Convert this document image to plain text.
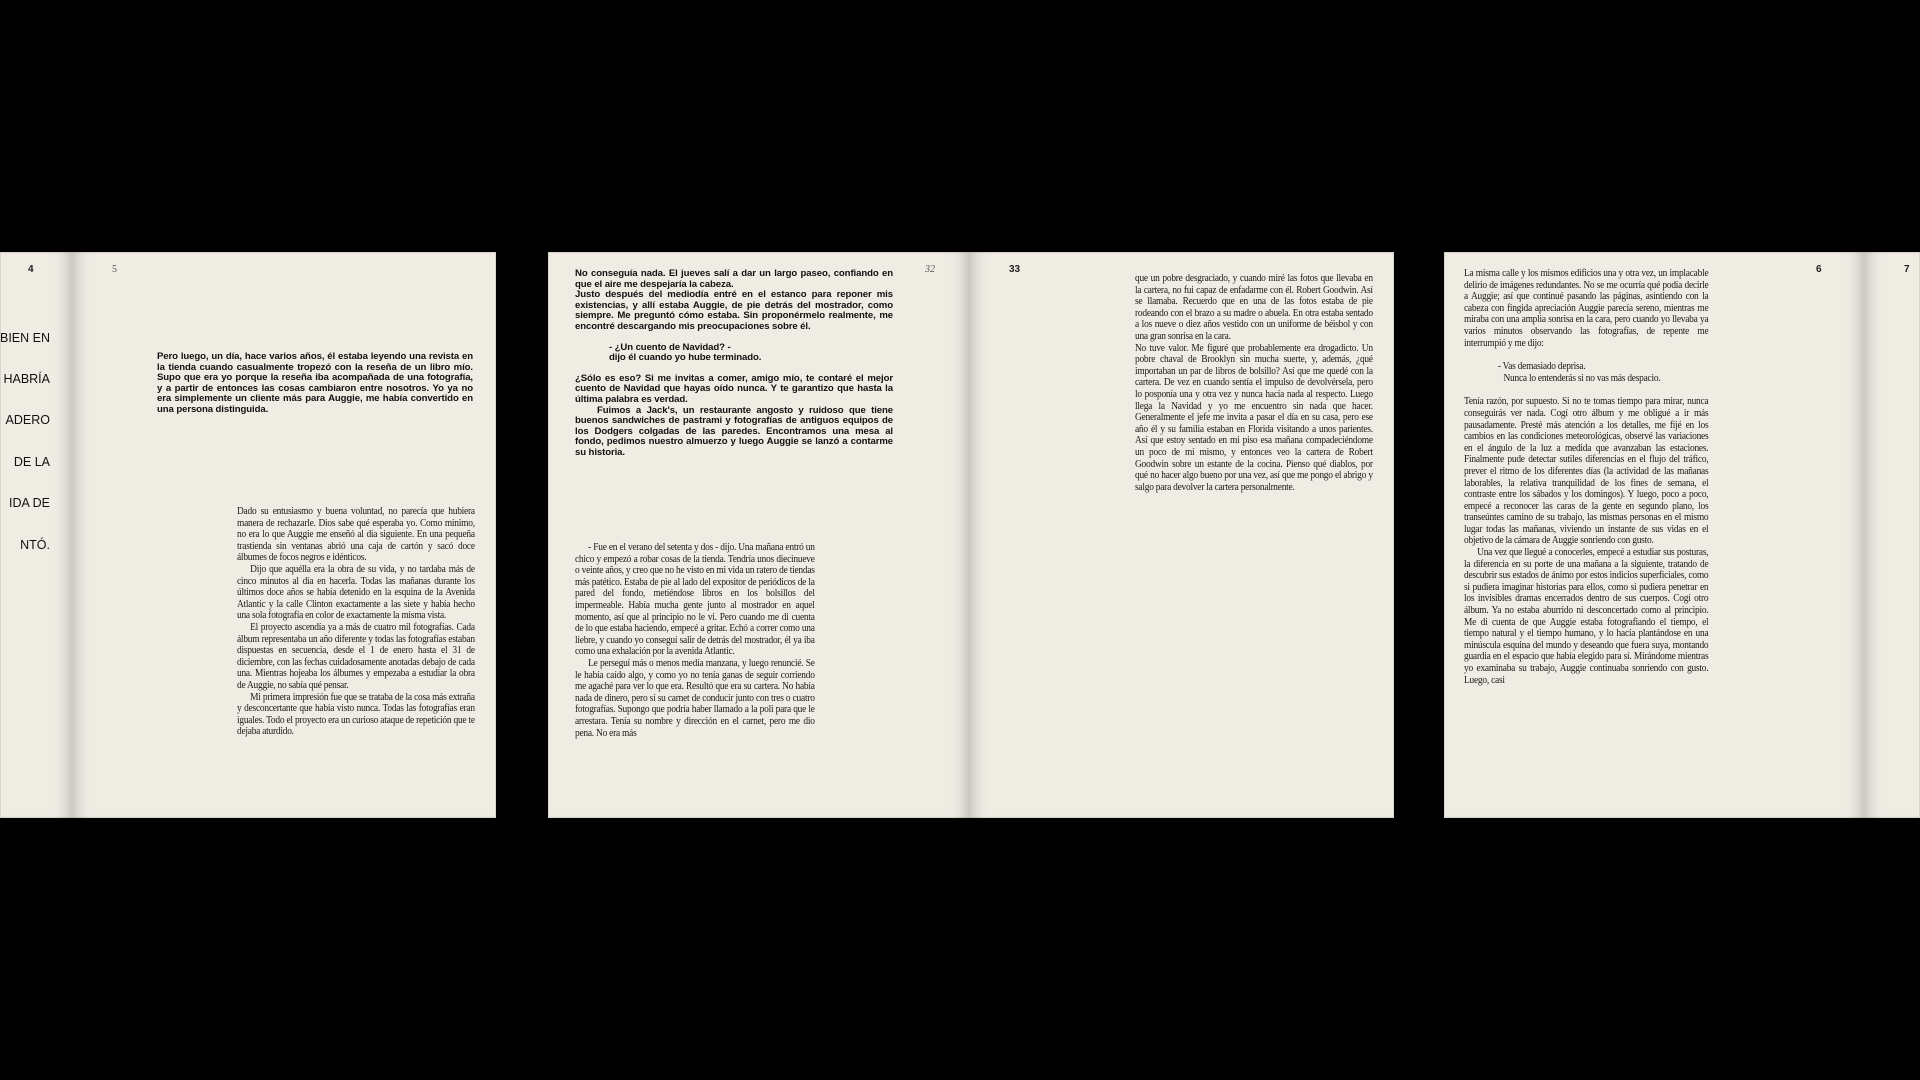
4

BIEN EN

HABRÍA

ADERO

DE LA

IDA DE

NTÓ.

5

Pero luego, un día, hace varios años, él estaba leyendo una revista en la tienda cuando casualmente tropezó con la reseña de un libro mío. Supo que era yo porque la reseña iba acompañada de una fotografía, y a partir de entonces las cosas cambiaron entre nosotros. Yo ya no era simplemente un cliente más para Auggie, me había convertido en una persona distinguida.

Dado su entusiasmo y buena voluntad, no parecía que hubiera manera de rechazarle. Dios sabe qué esperaba yo. Como mínimo, no era lo que Auggie me enseñó al día siguiente. En una pequeña trastienda sin ventanas abrió una caja de cartón y sacó doce álbumes de focos negros e idénticos.

Dijo que aquélla era la obra de su vida, y no tardaba más de cinco minutos al día en hacerla. Todas las mañanas durante los últimos doce años se había detenido en la esquina de la Avenida Atlantic y la calle Clinton exactamente a las siete y había hecho una sola fotografía en color de exactamente la misma vista.

El proyecto ascendía ya a más de cuatro mil fotografías. Cada álbum representaba un año diferente y todas las fotografías estaban dispuestas en secuencia, desde el 1 de enero hasta el 31 de diciembre, con las fechas cuidadosamente anotadas debajo de cada una. Mientras hojeaba los álbumes y empezaba a estudiar la obra de Auggie, no sabía qué pensar.

Mi primera impresión fue que se trataba de la cosa más extraña y desconcertante que había visto nunca. Todas las fotografías eran iguales. Todo el proyecto era un curioso ataque de repetición que te dejaba aturdido.

32

No conseguía nada. El jueves salí a dar un largo paseo, confiando en que el aire me despejaría la cabeza.

Justo después del mediodía entré en el estanco para reponer mis existencias, y allí estaba Auggie, de pie detrás del mostrador, como siempre. Me preguntó cómo estaba. Sin proponérmelo realmente, me encontré descargando mis preocupaciones sobre él.

- ¿Un cuento de Navidad? -

dijo él cuando yo hube terminado.

¿Sólo es eso? Si me invitas a comer, amigo mío, te contaré el mejor cuento de Navidad que hayas oído nunca. Y te garantizo que hasta la última palabra es verdad.

Fuimos a Jack's, un restaurante angosto y ruidoso que tiene buenos sandwiches de pastrami y fotografías de antiguos equipos de los Dodgers colgadas de las paredes. Encontramos una mesa al fondo, pedimos nuestro almuerzo y luego Auggie se lanzó a contarme su historia.

- Fue en el verano del setenta y dos - dijo. Una mañana entró un chico y empezó a robar cosas de la tienda. Tendría unos diecinueve o veinte años, y creo que no he visto en mi vida un ratero de tiendas más patético. Estaba de pie al lado del expositor de periódicos de la pared del fondo, metiéndose libros en los bolsillos del impermeable. Había mucha gente junto al mostrador en aquel momento, así que al principio no le vi. Pero cuando me di cuenta de lo que estaba haciendo, empecé a gritar. Echó a correr como una liebre, y cuando yo conseguí salir de detrás del mostrador, él ya iba como una exhalación por la avenida Atlantic.

Le perseguí más o menos media manzana, y luego renuncié. Se le había caído algo, y como yo no tenía ganas de seguir corriendo me agaché para ver lo que era. Resultó que era su cartera. No había nada de dinero, pero sí su carnet de conducir junto con tres o cuatro fotografías. Supongo que podría haber llamado a la poli para que le arrestara. Tenía su nombre y dirección en el carnet, pero me dio pena. No era más

33

que un pobre desgraciado, y cuando miré las fotos que llevaba en la cartera, no fui capaz de enfadarme con él. Robert Goodwin. Así se llamaba. Recuerdo que en una de las fotos estaba de pie rodeando con el brazo a su madre o abuela. En otra estaba sentado a los nueve o diez años vestido con un uniforme de béisbol y con una gran sonrisa en la cara.

No tuve valor. Me figuré que probablemente era drogadicto. Un pobre chaval de Brooklyn sin mucha suerte, y, además, ¿qué importaban un par de libros de bolsillo? Así que me quedé con la cartera. De vez en cuando sentía el impulso de devolvérsela, pero lo posponía una y otra vez y nunca hacía nada al respecto. Luego llega la Navidad y yo me encuentro sin nada que hacer. Generalmente el jefe me invita a pasar el día en su casa, pero ese año él y su familia estaban en Florida visitando a unos parientes. Así que estoy sentado en mi piso esa mañana compadeciéndome un poco de mí mismo, y entonces veo la cartera de Robert Goodwin sobre un estante de la cocina. Pienso qué diablos, por qué no hacer algo bueno por una vez, así que me pongo el abrigo y salgo para devolver la cartera personalmente.

6

La misma calle y los mismos edificios una y otra vez, un implacable delirio de imágenes redundantes. No se me ocurría qué podía decirle a Auggie; así que continué pasando las páginas, asintiendo con la cabeza con fingida apreciación Auggie parecía sereno, mientras me miraba con una amplia sonrisa en la cara, pero cuando yo llevaba ya varios minutos observando las fotografías, de repente me interrumpió y me dijo:

- Vas demasiado deprisa.

Nunca lo entenderás si no vas más despacio.

Tenía razón, por supuesto. Si no te tomas tiempo para mirar, nunca conseguirás ver nada. Cogí otro álbum y me obligué a ir más pausadamente. Presté más atención a los detalles, me fijé en los cambios en las condiciones meteorológicas, observé las variaciones en el ángulo de la luz a medida que avanzaban las estaciones. Finalmente pude detectar sutiles diferencias en el flujo del tráfico, prever el ritmo de los diferentes días (la actividad de las mañanas laborables, la relativa tranquilidad de los fines de semana, el contraste entre los sábados y los domingos). Y luego, poco a poco, empecé a reconocer las caras de la gente en segundo plano, los transeúntes camino de su trabajo, las mismas personas en el mismo lugar todas las mañanas, viviendo un instante de sus vidas en el objetivo de la cámara de Auggie sonriendo con gusto.

Una vez que llegué a conocerles, empecé a estudiar sus posturas, la diferencia en su porte de una mañana a la siguiente, tratando de descubrir sus estados de ánimo por estos indicios superficiales, como si pudiera imaginar historias para ellos, como si pudiera penetrar en los invisibles dramas encerrados dentro de sus cuerpos. Cogí otro álbum. Ya no estaba aburrido ni desconcertado como al principio. Me di cuenta de que Auggie estaba fotografiando el tiempo, el tiempo natural y el tiempo humano, y lo hacía plantándose en una minúscula esquina del mundo y deseando que fuera suya, montando guardia en el espacio que había elegido para sí. Mirándome mientras yo examinaba su trabajo, Auggie continuaba sonriendo con gusto. Luego, casi

7
